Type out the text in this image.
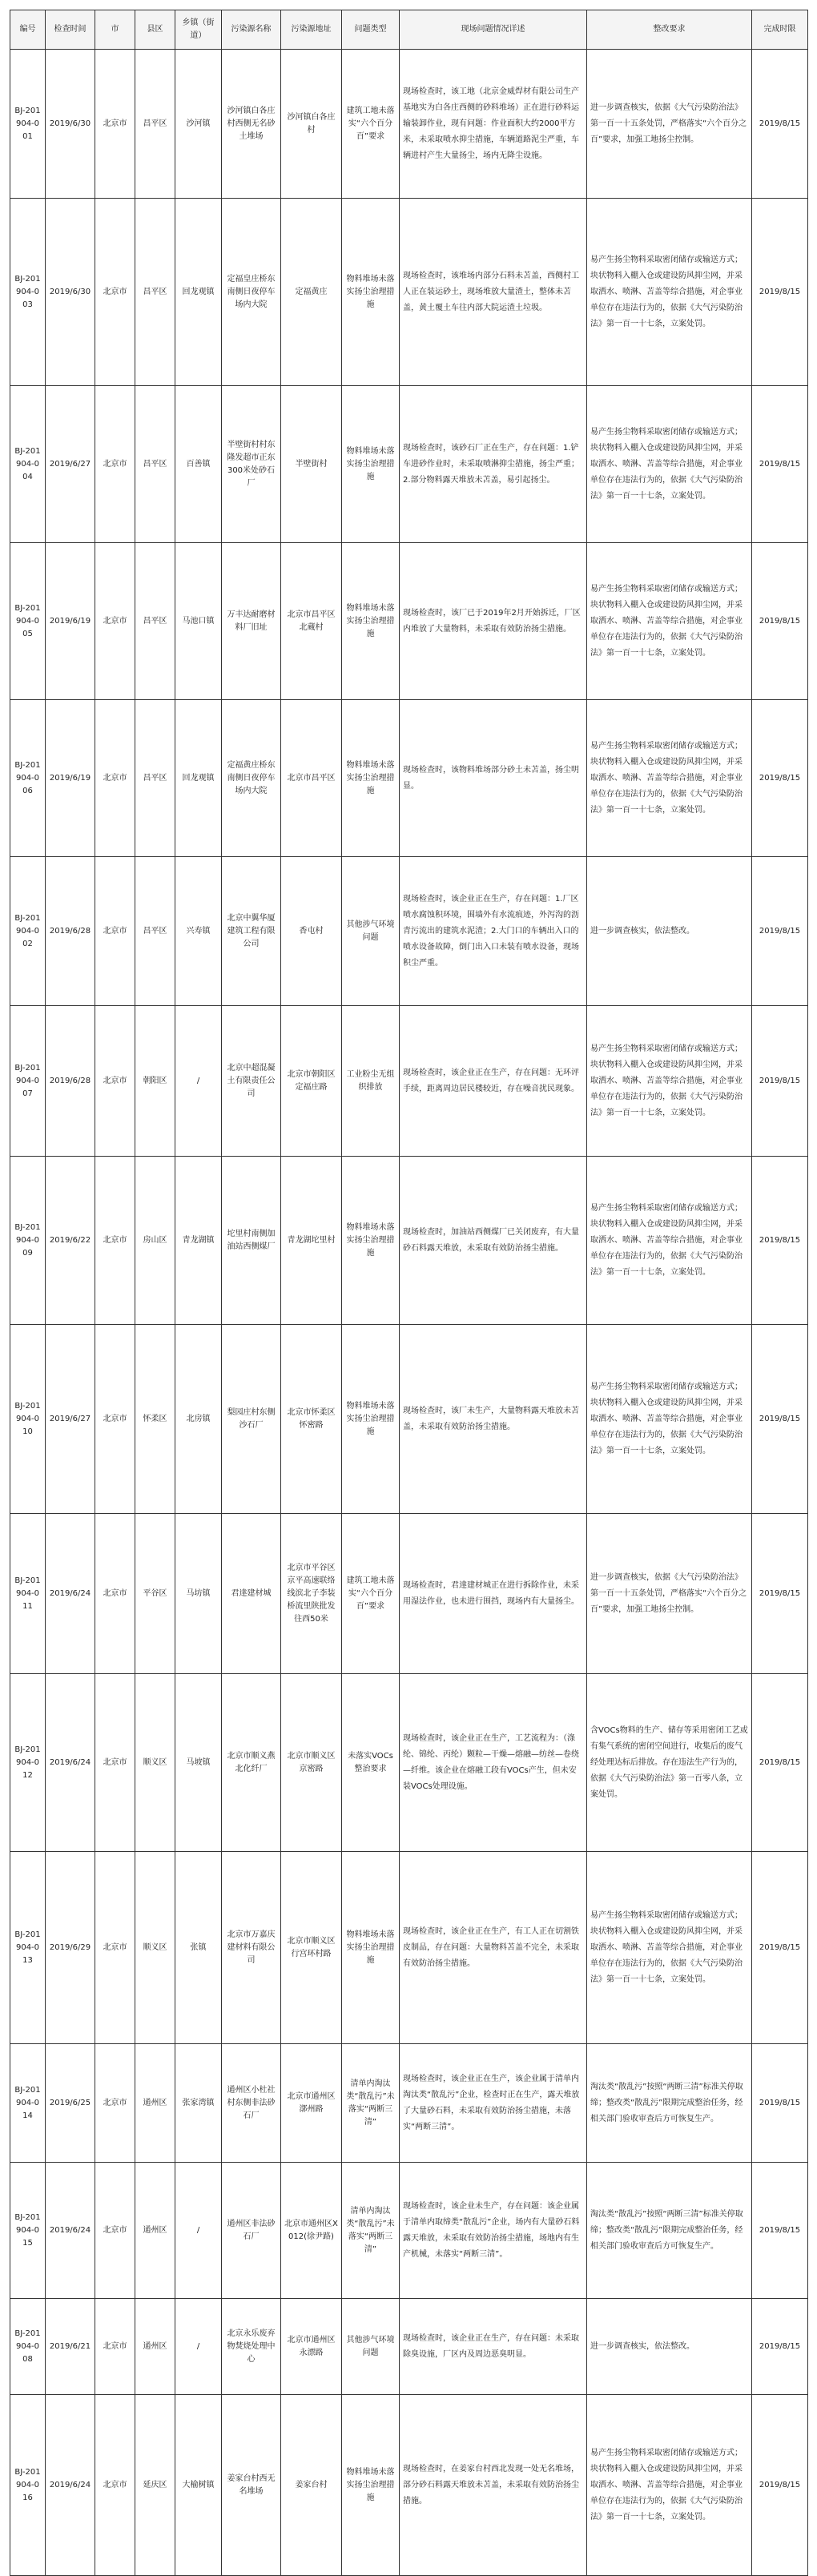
编号	检查时间	市	县区	乡镇（街道）	污染源名称	污染源地址	问题类型	现场问题情况详述	整改要求	完成时限
BJ-201904-001	2019/6/30	北京市	昌平区	沙河镇	沙河镇白各庄村西侧无名砂土堆场	沙河镇白各庄村	建筑工地未落实“六个百分百”要求	现场检查时，该工地（北京金威焊材有限公司生产基地实为白各庄西侧的砂料堆场）正在进行砂料运输装卸作业，现有问题：作业面积大约2000平方米，未采取喷水抑尘措施，车辆道路泥尘严重，车辆进村产生大量扬尘，场内无降尘设施。	进一步调查核实，依据《大气污染防治法》第一百一十五条处罚，严格落实“六个百分之百”要求，加强工地扬尘控制。	2019/8/15
BJ-201904-003	2019/6/30	北京市	昌平区	回龙观镇	定福皇庄桥东南侧日夜停车场内大院	定福黄庄	物料堆场未落实扬尘治理措施	现场检查时，该堆场内部分石料未苫盖，西侧村工人正在装运砂土，现场堆放大量渣土，整体未苫盖，黄土覆土车往内部大院运渣土垃圾。	易产生扬尘物料采取密闭储存或输送方式；块状物料入棚入仓或建设防风抑尘网，并采取洒水、喷淋、苫盖等综合措施，对企事业单位存在违法行为的，依据《大气污染防治法》第一百一十七条，立案处罚。	2019/8/15
BJ-201904-004	2019/6/27	北京市	昌平区	百善镇	半壁街村村东隆发超市正东300米处砂石厂	半壁街村	物料堆场未落实扬尘治理措施	现场检查时，该砂石厂正在生产，存在问题：1.铲车进砂作业时，未采取喷淋抑尘措施，扬尘严重；2.部分物料露天堆放未苫盖，易引起扬尘。	易产生扬尘物料采取密闭储存或输送方式；块状物料入棚入仓或建设防风抑尘网，并采取洒水、喷淋、苫盖等综合措施，对企事业单位存在违法行为的，依据《大气污染防治法》第一百一十七条，立案处罚。	2019/8/15
BJ-201904-005	2019/6/19	北京市	昌平区	马池口镇	万丰达耐磨材料厂旧址	北京市昌平区北蔵村	物料堆场未落实扬尘治理措施	现场检查时，该厂已于2019年2月开始拆迁，厂区内堆放了大量物料，未采取有效防治扬尘措施。	易产生扬尘物料采取密闭储存或输送方式；块状物料入棚入仓或建设防风抑尘网，并采取洒水、喷淋、苫盖等综合措施，对企事业单位存在违法行为的，依据《大气污染防治法》第一百一十七条，立案处罚。	2019/8/15
BJ-201904-006	2019/6/19	北京市	昌平区	回龙观镇	定福黄庄桥东南侧日夜停车场内大院	北京市昌平区	物料堆场未落实扬尘治理措施	现场检查时，该物料堆场部分砂土未苫盖，扬尘明显。	易产生扬尘物料采取密闭储存或输送方式；块状物料入棚入仓或建设防风抑尘网，并采取洒水、喷淋、苫盖等综合措施，对企事业单位存在违法行为的，依据《大气污染防治法》第一百一十七条，立案处罚。	2019/8/15
BJ-201904-002	2019/6/28	北京市	昌平区	兴寿镇	北京中翼华厦建筑工程有限公司	香屯村	其他涉气环境问题	现场检查时，该企业正在生产，存在问题：1.厂区喷水腐蚀积环境，围墙外有水流痕迹，外泻沟的沥青污流出的建筑水泥渣；2.大门口的车辆出入口的喷水设备故障，倒门出入口未装有喷水设备，现场积尘严重。	进一步调查核实，依法整改。	2019/8/15
BJ-201904-007	2019/6/28	北京市	朝阳区	/	北京中超混凝土有限责任公司	北京市朝阳区定福庄路	工业粉尘无组织排放	现场检查时，该企业正在生产，存在问题：无环评手续，距离周边居民楼较近，存在噪音扰民现象。	易产生扬尘物料采取密闭储存或输送方式；块状物料入棚入仓或建设防风抑尘网，并采取洒水、喷淋、苫盖等综合措施，对企事业单位存在违法行为的，依据《大气污染防治法》第一百一十七条，立案处罚。	2019/8/15
BJ-201904-009	2019/6/22	北京市	房山区	青龙湖镇	坨里村南侧加油站西侧煤厂	青龙湖坨里村	物料堆场未落实扬尘治理措施	现场检查时，加油站西侧煤厂已关闭废弃，有大量砂石料露天堆放，未采取有效防治扬尘措施。	易产生扬尘物料采取密闭储存或输送方式；块状物料入棚入仓或建设防风抑尘网，并采取洒水、喷淋、苫盖等综合措施，对企事业单位存在违法行为的，依据《大气污染防治法》第一百一十七条，立案处罚。	2019/8/15
BJ-201904-010	2019/6/27	北京市	怀柔区	北房镇	梨园庄村东侧沙石厂	北京市怀柔区怀密路	物料堆场未落实扬尘治理措施	现场检查时，该厂未生产，大量物料露天堆放未苫盖，未采取有效防治扬尘措施。	易产生扬尘物料采取密闭储存或输送方式；块状物料入棚入仓或建设防风抑尘网，并采取洒水、喷淋、苫盖等综合措施，对企事业单位存在违法行为的，依据《大气污染防治法》第一百一十七条，立案处罚。	2019/8/15
BJ-201904-011	2019/6/24	北京市	平谷区	马坊镇	君達建材城	北京市平谷区京平高速联络线滨北子李装桥流里陕批发往西50米	建筑工地未落实“六个百分百”要求	现场检查时，君達建材城正在进行拆除作业，未采用湿法作业，也未进行围挡，现场内有大量扬尘。	进一步调查核实，依据《大气污染防治法》第一百一十五条处罚，严格落实“六个百分之百”要求，加强工地扬尘控制。	2019/8/15
BJ-201904-012	2019/6/24	北京市	顺义区	马坡镇	北京市顺义燕北化纤厂	北京市顺义区京密路	未落实VOCs整治要求	现场检查时，该企业正在生产，工艺流程为：（涤纶、锦纶、丙纶）颗粒—干燥—熔融—纺丝—卷绕—纤维。该企业在熔融工段有VOCs产生，但未安装VOCs处理设施。	含VOCs物料的生产、储存等采用密闭工艺或有集气系统的密闭空间进行，收集后的废气经处理达标后排放。存在违法生产行为的，依据《大气污染防治法》第一百零八条，立案处罚。	2019/8/15
BJ-201904-013	2019/6/29	北京市	顺义区	张镇	北京市万嘉庆建材料有限公司	北京市顺义区行宫环村路	物料堆场未落实扬尘治理措施	现场检查时，该企业正在生产，有工人正在切割铁皮制品，存在问题：大量物料苫盖不完全，未采取有效防治扬尘措施。	易产生扬尘物料采取密闭储存或输送方式；块状物料入棚入仓或建设防风抑尘网，并采取洒水、喷淋、苫盖等综合措施，对企事业单位存在违法行为的，依据《大气污染防治法》第一百一十七条，立案处罚。	2019/8/15
BJ-201904-014	2019/6/25	北京市	通州区	张家湾镇	通州区小杜社村东侧非法砂石厂	北京市通州区漷州路	清单内淘汰类“散乱污”未落实“两断三清”	现场检查时，该企业正在生产，该企业属于清单内淘汰类“散乱污”企业，检查时正在生产，露天堆放了大量砂石料，未采取有效防治扬尘措施，未落实“两断三清”。	淘汰类“散乱污”按照“两断三清”标准关停取缔；整改类“散乱污”限期完成整治任务，经相关部门验收审查后方可恢复生产。	2019/8/15
BJ-201904-015	2019/6/24	北京市	通州区	/	通州区非法砂石厂	北京市通州区X012(徐尹路)	清单内淘汰类“散乱污”未落实“两断三清”	现场检查时，该企业未生产，存在问题：该企业属于清单内取缔类“散乱污”企业，场内有大量砂石料露天堆放，未采取有效防治扬尘措施，场地内有生产机械，未落实“两断三清”。	淘汰类“散乱污”按照“两断三清”标准关停取缔；整改类“散乱污”限期完成整治任务，经相关部门验收审查后方可恢复生产。	2019/8/15
BJ-201904-008	2019/6/21	北京市	通州区	/	北京永乐废弃物焚烧处理中心	北京市通州区永漂路	其他涉气环境问题	现场检查时，该企业正在生产，存在问题：未采取除臭设施，厂区内及周边恶臭明显。	进一步调查核实，依法整改。	2019/8/15
BJ-201904-016	2019/6/24	北京市	延庆区	大榆树镇	姜家台村西无名堆场	姜家台村	物料堆场未落实扬尘治理措施	现场检查时，在姜家台村西北发现一处无名堆场，部分砂石料露天堆放未苫盖，未采取有效防治扬尘措施。	易产生扬尘物料采取密闭储存或输送方式；块状物料入棚入仓或建设防风抑尘网，并采取洒水、喷淋、苫盖等综合措施，对企事业单位存在违法行为的，依据《大气污染防治法》第一百一十七条，立案处罚。	2019/8/15
